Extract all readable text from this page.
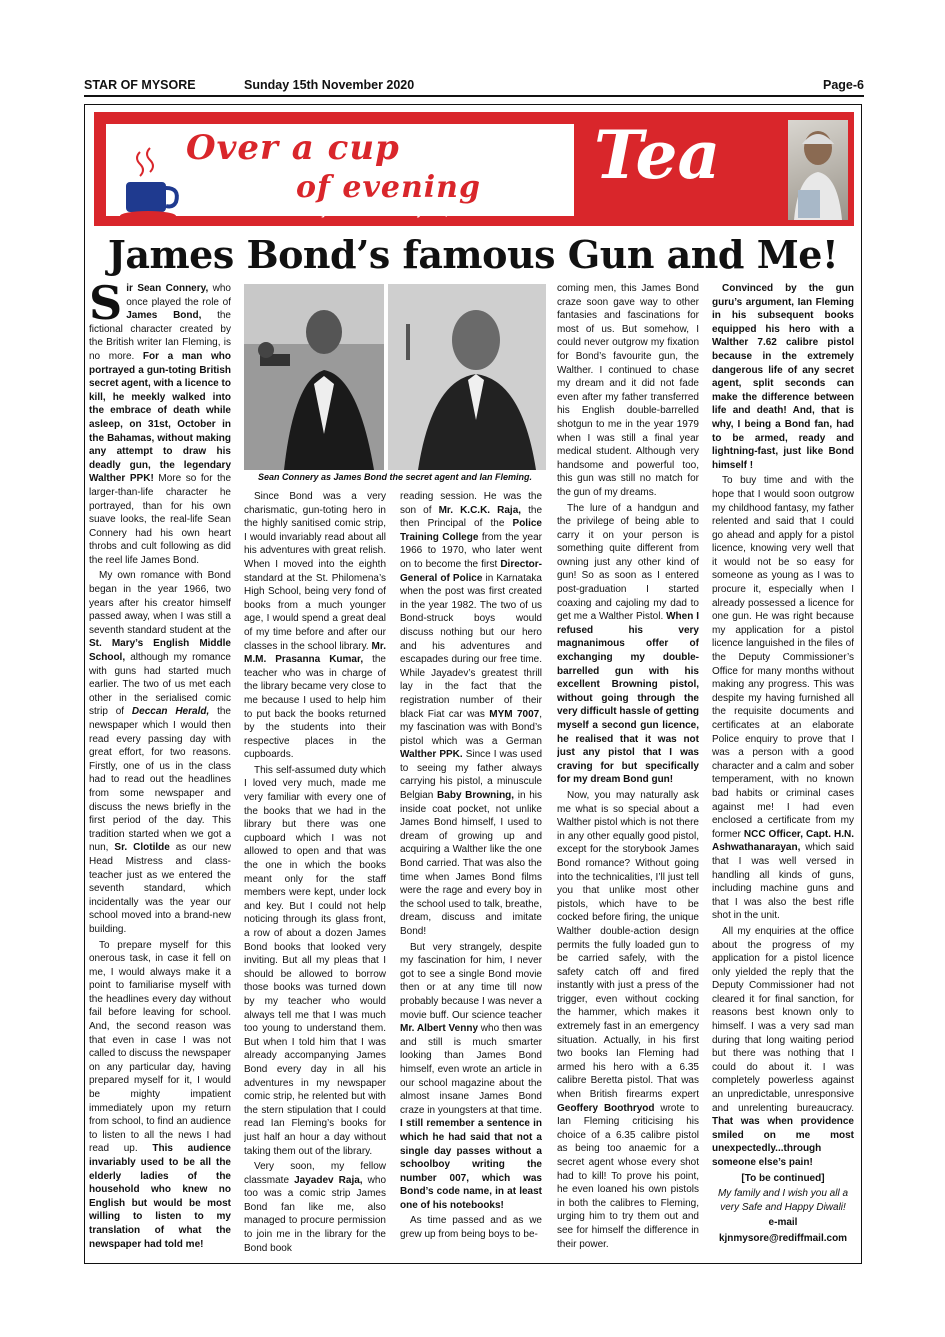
STAR OF MYSORE	Sunday 15th November 2020	Page-6
Over a cup
of evening Tea
By Dr. K. Javeed Nayeem, MD
James Bond’s famous Gun and Me!

Sir Sean Connery, who once played the role of James Bond, the fictional character created by the British writer Ian Fleming, is no more. For a man who portrayed a gun-toting British secret agent, with a licence to kill, he meekly walked into the embrace of death while asleep, on 31st, October in the Bahamas, without making any attempt to draw his deadly gun, the legendary Walther PPK! More so for the larger-than-life character he portrayed, than for his own suave looks, the real-life Sean Connery had his own heart throbs and cult following as did the reel life James Bond.

My own romance with Bond began in the year 1966, two years after his creator himself passed away, when I was still a seventh standard student at the St. Mary’s English Middle School, although my romance with guns had started much earlier. The two of us met each other in the serialised comic strip of Deccan Herald, the newspaper which I would then read every passing day with great effort, for two reasons. Firstly, one of us in the class had to read out the headlines from some newspaper and discuss the news briefly in the first period of the day. This tradition started when we got a nun, Sr. Clotilde as our new Head Mistress and class-teacher just as we entered the seventh standard, which incidentally was the year our school moved into a brand-new building.

To prepare myself for this onerous task, in case it fell on me, I would always make it a point to familiarise myself with the headlines every day without fail before leaving for school. And, the second reason was that even in case I was not called to discuss the newspaper on any particular day, having prepared myself for it, I would be mighty impatient immediately upon my return from school, to find an audience to listen to all the news I had read up. This audience invariably used to be all the elderly ladies of the household who knew no English but would be most willing to listen to my translation of what the newspaper had told me!

Sean Connery as James Bond the secret agent and Ian Fleming.

Since Bond was a very charismatic, gun-toting hero in the highly sanitised comic strip, I would invariably read about all his adventures with great relish. When I moved into the eighth standard at the St. Philomena’s High School, being very fond of books from a much younger age, I would spend a great deal of my time before and after our classes in the school library. Mr. M.M. Prasanna Kumar, the teacher who was in charge of the library became very close to me because I used to help him to put back the books returned by the students into their respective places in the cupboards.

This self-assumed duty which I loved very much, made me very familiar with every one of the books that we had in the library but there was one cupboard which I was not allowed to open and that was the one in which the books meant only for the staff members were kept, under lock and key. But I could not help noticing through its glass front, a row of about a dozen James Bond books that looked very inviting. But all my pleas that I should be allowed to borrow those books was turned down by my teacher who would always tell me that I was much too young to understand them. But when I told him that I was already accompanying James Bond every day in all his adventures in my newspaper comic strip, he relented but with the stern stipulation that I could read Ian Fleming’s books for just half an hour a day without taking them out of the library.

Very soon, my fellow classmate Jayadev Raja, who too was a comic strip James Bond fan like me, also managed to procure permission to join me in the library for the Bond book

reading session. He was the son of Mr. K.C.K. Raja, the then Principal of the Police Training College from the year 1966 to 1970, who later went on to become the first Director-General of Police in Karnataka when the post was first created in the year 1982. The two of us Bond-struck boys would discuss nothing but our hero and his adventures and escapades during our free time. While Jayadev’s greatest thrill lay in the fact that the registration number of their black Fiat car was MYM 7007, my fascination was with Bond’s pistol which was a German Walther PPK. Since I was used to seeing my father always carrying his pistol, a minuscule Belgian Baby Browning, in his inside coat pocket, not unlike James Bond himself, I used to dream of growing up and acquiring a Walther like the one Bond carried. That was also the time when James Bond films were the rage and every boy in the school used to talk, breathe, dream, discuss and imitate Bond!

But very strangely, despite my fascination for him, I never got to see a single Bond movie then or at any time till now probably because I was never a movie buff. Our science teacher Mr. Albert Venny who then was and still is much smarter looking than James Bond himself, even wrote an article in our school magazine about the almost insane James Bond craze in youngsters at that time. I still remember a sentence in which he had said that not a single day passes without a schoolboy writing the number 007, which was Bond’s code name, in at least one of his notebooks!

As time passed and as we grew up from being boys to be-

coming men, this James Bond craze soon gave way to other fantasies and fascinations for most of us. But somehow, I could never outgrow my fixation for Bond’s favourite gun, the Walther. I continued to chase my dream and it did not fade even after my father transferred his English double-barrelled shotgun to me in the year 1979 when I was still a final year medical student. Although very handsome and powerful too, this gun was still no match for the gun of my dreams.

The lure of a handgun and the privilege of being able to carry it on your person is something quite different from owning just any other kind of gun! So as soon as I entered post-graduation I started coaxing and cajoling my dad to get me a Walther Pistol. When I refused his very magnanimous offer of exchanging my double-barrelled gun with his excellent Browning pistol, without going through the very difficult hassle of getting myself a second gun licence, he realised that it was not just any pistol that I was craving for but specifically for my dream Bond gun!

Now, you may naturally ask me what is so special about a Walther pistol which is not there in any other equally good pistol, except for the storybook James Bond romance? Without going into the technicalities, I’ll just tell you that unlike most other pistols, which have to be cocked before firing, the unique Walther double-action design permits the fully loaded gun to be carried safely, with the safety catch off and fired instantly with just a press of the trigger, even without cocking the hammer, which makes it extremely fast in an emergency situation. Actually, in his first two books Ian Fleming had armed his hero with a 6.35 calibre Beretta pistol. That was when British firearms expert Geoffery Boothryod wrote to Ian Fleming criticising his choice of a 6.35 calibre pistol as being too anaemic for a secret agent whose every shot had to kill! To prove his point, he even loaned his own pistols in both the calibres to Fleming, urging him to try them out and see for himself the difference in their power.

Convinced by the gun guru’s argument, Ian Fleming in his subsequent books equipped his hero with a Walther 7.62 calibre pistol because in the extremely dangerous life of any secret agent, split seconds can make the difference between life and death! And, that is why, I being a Bond fan, had to be armed, ready and lightning-fast, just like Bond himself !

To buy time and with the hope that I would soon outgrow my childhood fantasy, my father relented and said that I could go ahead and apply for a pistol licence, knowing very well that it would not be so easy for someone as young as I was to procure it, especially when I already possessed a licence for one gun. He was right because my application for a pistol licence languished in the files of the Deputy Commissioner’s Office for many months without making any progress. This was despite my having furnished all the requisite documents and certificates at an elaborate Police enquiry to prove that I was a person with a good character and a calm and sober temperament, with no known bad habits or criminal cases against me! I had even enclosed a certificate from my former NCC Officer, Capt. H.N. Ashwathanarayan, which said that I was well versed in handling all kinds of guns, including machine guns and that I was also the best rifle shot in the unit.

All my enquiries at the office about the progress of my application for a pistol licence only yielded the reply that the Deputy Commissioner had not cleared it for final sanction, for reasons best known only to himself. I was a very sad man during that long waiting period but there was nothing that I could do about it. I was completely powerless against an unpredictable, unresponsive and unrelenting bureaucracy. That was when providence smiled on me most unexpectedly...through someone else’s pain!

[To be continued]

My family and I wish you all a very Safe and Happy Diwali!

e-mail

kjnmysore@rediffmail.com
